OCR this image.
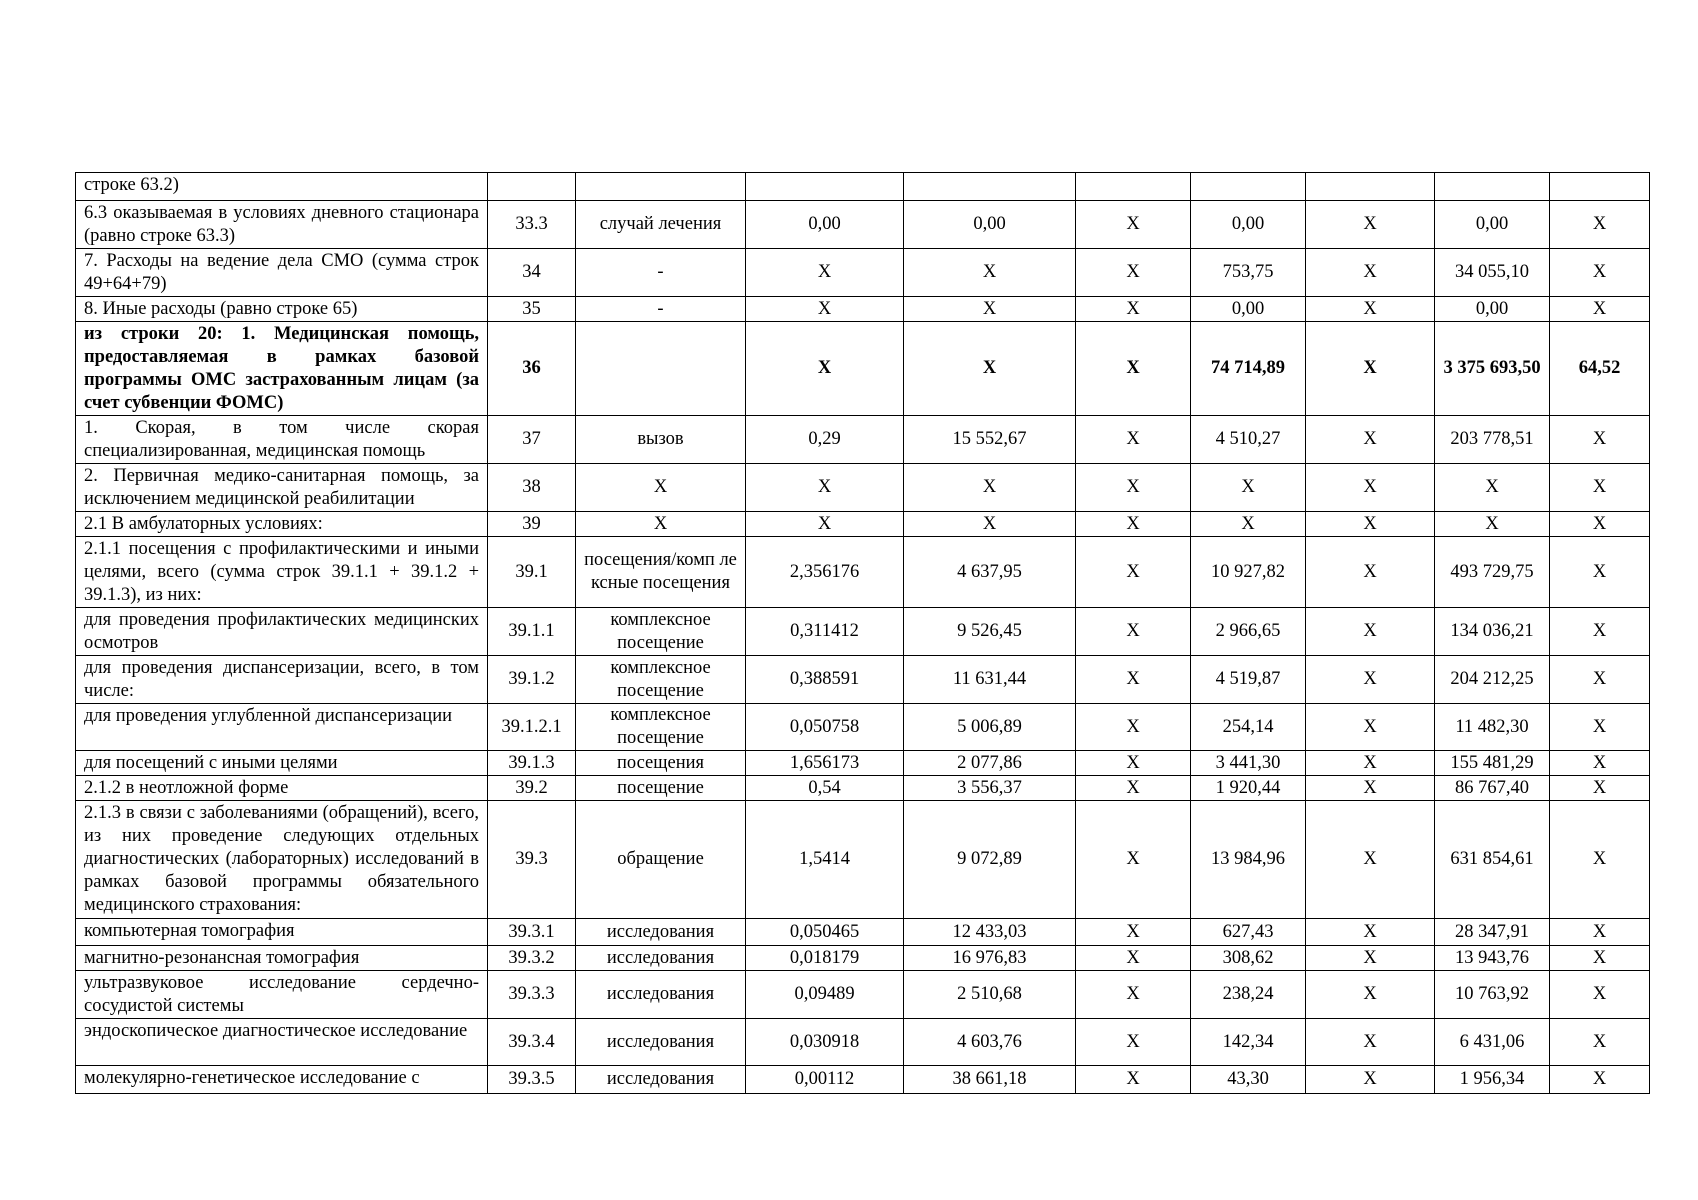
строке 63.2)									
6.3 оказываемая в условиях дневного стационара (равно строке 63.3)	33.3	случай лечения	0,00	0,00	X	0,00	X	0,00	X
7. Расходы на ведение дела СМО (сумма строк 49+64+79)	34	-	X	X	X	753,75	X	34 055,10	X
8. Иные расходы (равно строке 65)	35	-	X	X	X	0,00	X	0,00	X
из строки 20: 1. Медицинская помощь, предоставляемая в рамках базовой программы ОМС застрахованным лицам (за счет субвенции ФОМС)	36		X	X	X	74 714,89	X	3 375 693,50	64,52
1. Скорая, в том числе скорая специализированная, медицинская помощь	37	вызов	0,29	15 552,67	X	4 510,27	X	203 778,51	X
2. Первичная медико-санитарная помощь, за исключением медицинской реабилитации	38	X	X	X	X	X	X	X	X
2.1 В амбулаторных условиях:	39	X	X	X	X	X	X	X	X
2.1.1 посещения с профилактическими и иными целями, всего (сумма строк 39.1.1 + 39.1.2 + 39.1.3), из них:	39.1	посещения/комп ле ксные посещения	2,356176	4 637,95	X	10 927,82	X	493 729,75	X
для проведения профилактических медицинских осмотров	39.1.1	комплексное посещение	0,311412	9 526,45	X	2 966,65	X	134 036,21	X
для проведения диспансеризации, всего, в том числе:	39.1.2	комплексное посещение	0,388591	11 631,44	X	4 519,87	X	204 212,25	X
для проведения углубленной диспансеризации	39.1.2.1	комплексное посещение	0,050758	5 006,89	X	254,14	X	11 482,30	X
для посещений с иными целями	39.1.3	посещения	1,656173	2 077,86	X	3 441,30	X	155 481,29	X
2.1.2 в неотложной форме	39.2	посещение	0,54	3 556,37	X	1 920,44	X	86 767,40	X
2.1.3 в связи с заболеваниями (обращений), всего, из них проведение следующих отдельных диагностических (лабораторных) исследований в рамках базовой программы обязательного медицинского страхования:	39.3	обращение	1,5414	9 072,89	X	13 984,96	X	631 854,61	X
компьютерная томография	39.3.1	исследования	0,050465	12 433,03	X	627,43	X	28 347,91	X
магнитно-резонансная томография	39.3.2	исследования	0,018179	16 976,83	X	308,62	X	13 943,76	X
ультразвуковое исследование сердечно-сосудистой системы	39.3.3	исследования	0,09489	2 510,68	X	238,24	X	10 763,92	X
эндоскопическое диагностическое исследование	39.3.4	исследования	0,030918	4 603,76	X	142,34	X	6 431,06	X
молекулярно-генетическое исследование с	39.3.5	исследования	0,00112	38 661,18	X	43,30	X	1 956,34	X
